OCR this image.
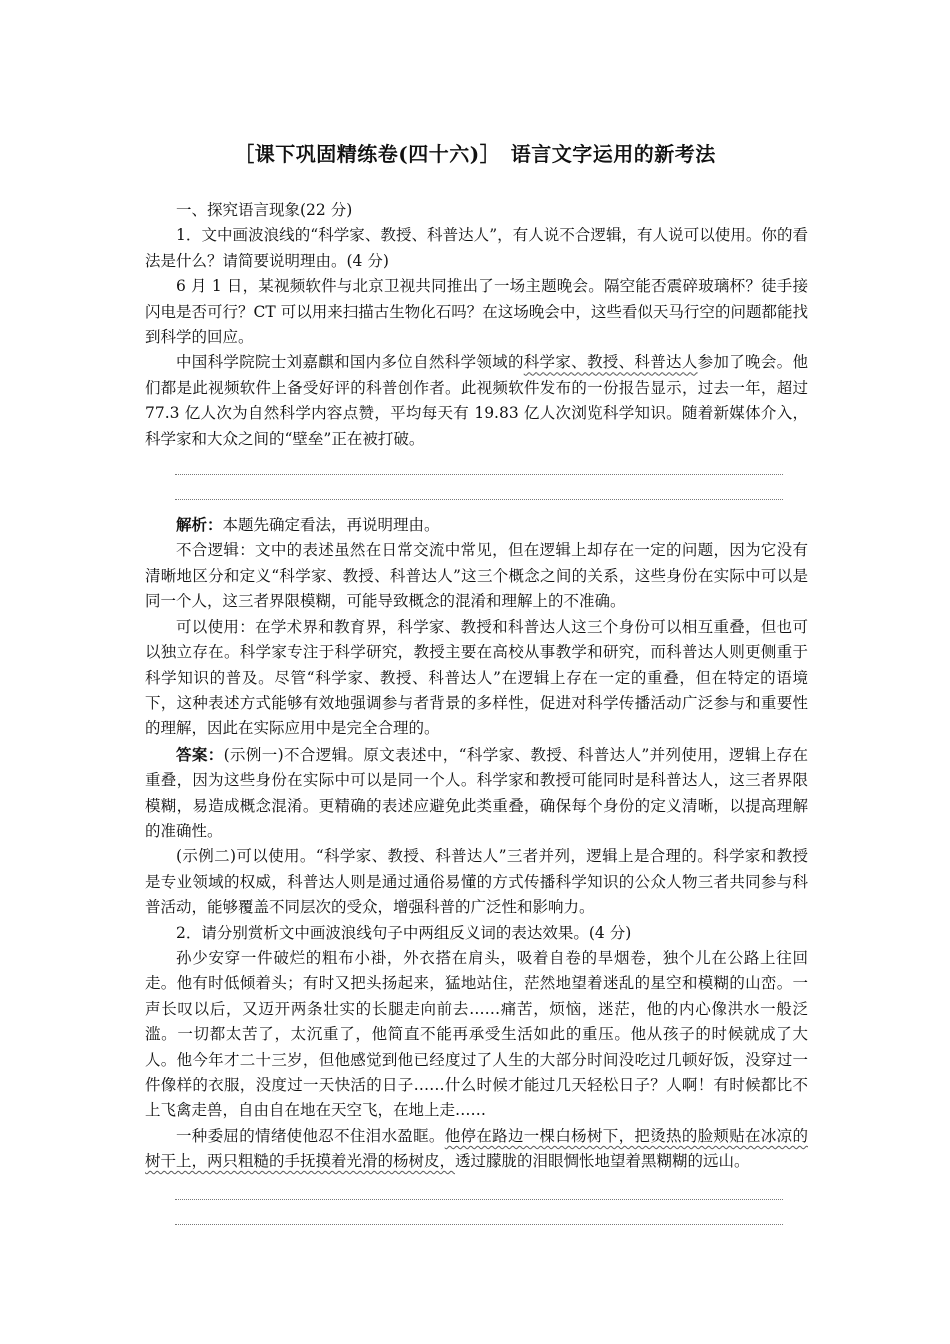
［课下巩固精练卷(四十六)］　语言文字运用的新考法

一、探究语言现象(22 分)

1．文中画波浪线的“科学家、教授、科普达人”，有人说不合逻辑，有人说可以使用。你的看法是什么？请简要说明理由。(4 分)

6 月 1 日，某视频软件与北京卫视共同推出了一场主题晚会。隔空能否震碎玻璃杯？徒手接闪电是否可行？CT 可以用来扫描古生物化石吗？在这场晚会中，这些看似天马行空的问题都能找到科学的回应。

中国科学院院士刘嘉麒和国内多位自然科学领域的科学家、教授、科普达人参加了晚会。他们都是此视频软件上备受好评的科普创作者。此视频软件发布的一份报告显示，过去一年，超过 77.3 亿人次为自然科学内容点赞，平均每天有 19.83 亿人次浏览科学知识。随着新媒体介入，科学家和大众之间的“壁垒”正在被打破。

解析：本题先确定看法，再说明理由。

不合逻辑：文中的表述虽然在日常交流中常见，但在逻辑上却存在一定的问题，因为它没有清晰地区分和定义“科学家、教授、科普达人”这三个概念之间的关系，这些身份在实际中可以是同一个人，这三者界限模糊，可能导致概念的混淆和理解上的不准确。

可以使用：在学术界和教育界，科学家、教授和科普达人这三个身份可以相互重叠，但也可以独立存在。科学家专注于科学研究，教授主要在高校从事教学和研究，而科普达人则更侧重于科学知识的普及。尽管“科学家、教授、科普达人”在逻辑上存在一定的重叠，但在特定的语境下，这种表述方式能够有效地强调参与者背景的多样性，促进对科学传播活动广泛参与和重要性的理解，因此在实际应用中是完全合理的。

答案：(示例一)不合逻辑。原文表述中，“科学家、教授、科普达人”并列使用，逻辑上存在重叠，因为这些身份在实际中可以是同一个人。科学家和教授可能同时是科普达人，这三者界限模糊，易造成概念混淆。更精确的表述应避免此类重叠，确保每个身份的定义清晰，以提高理解的准确性。

(示例二)可以使用。“科学家、教授、科普达人”三者并列，逻辑上是合理的。科学家和教授是专业领域的权威，科普达人则是通过通俗易懂的方式传播科学知识的公众人物三者共同参与科普活动，能够覆盖不同层次的受众，增强科普的广泛性和影响力。

2．请分别赏析文中画波浪线句子中两组反义词的表达效果。(4 分)

孙少安穿一件破烂的粗布小褂，外衣搭在肩头，吸着自卷的旱烟卷，独个儿在公路上往回走。他有时低倾着头；有时又把头扬起来，猛地站住，茫然地望着迷乱的星空和模糊的山峦。一声长叹以后，又迈开两条壮实的长腿走向前去……痛苦，烦恼，迷茫，他的内心像洪水一般泛滥。一切都太苦了，太沉重了，他简直不能再承受生活如此的重压。他从孩子的时候就成了大人。他今年才二十三岁，但他感觉到他已经度过了人生的大部分时间没吃过几顿好饭，没穿过一件像样的衣服，没度过一天快活的日子……什么时候才能过几天轻松日子？人啊！有时候都比不上飞禽走兽，自由自在地在天空飞，在地上走……

一种委屈的情绪使他忍不住泪水盈眶。他停在路边一棵白杨树下，把烫热的脸颊贴在冰凉的树干上，两只粗糙的手抚摸着光滑的杨树皮，透过朦胧的泪眼惆怅地望着黑糊糊的远山。
